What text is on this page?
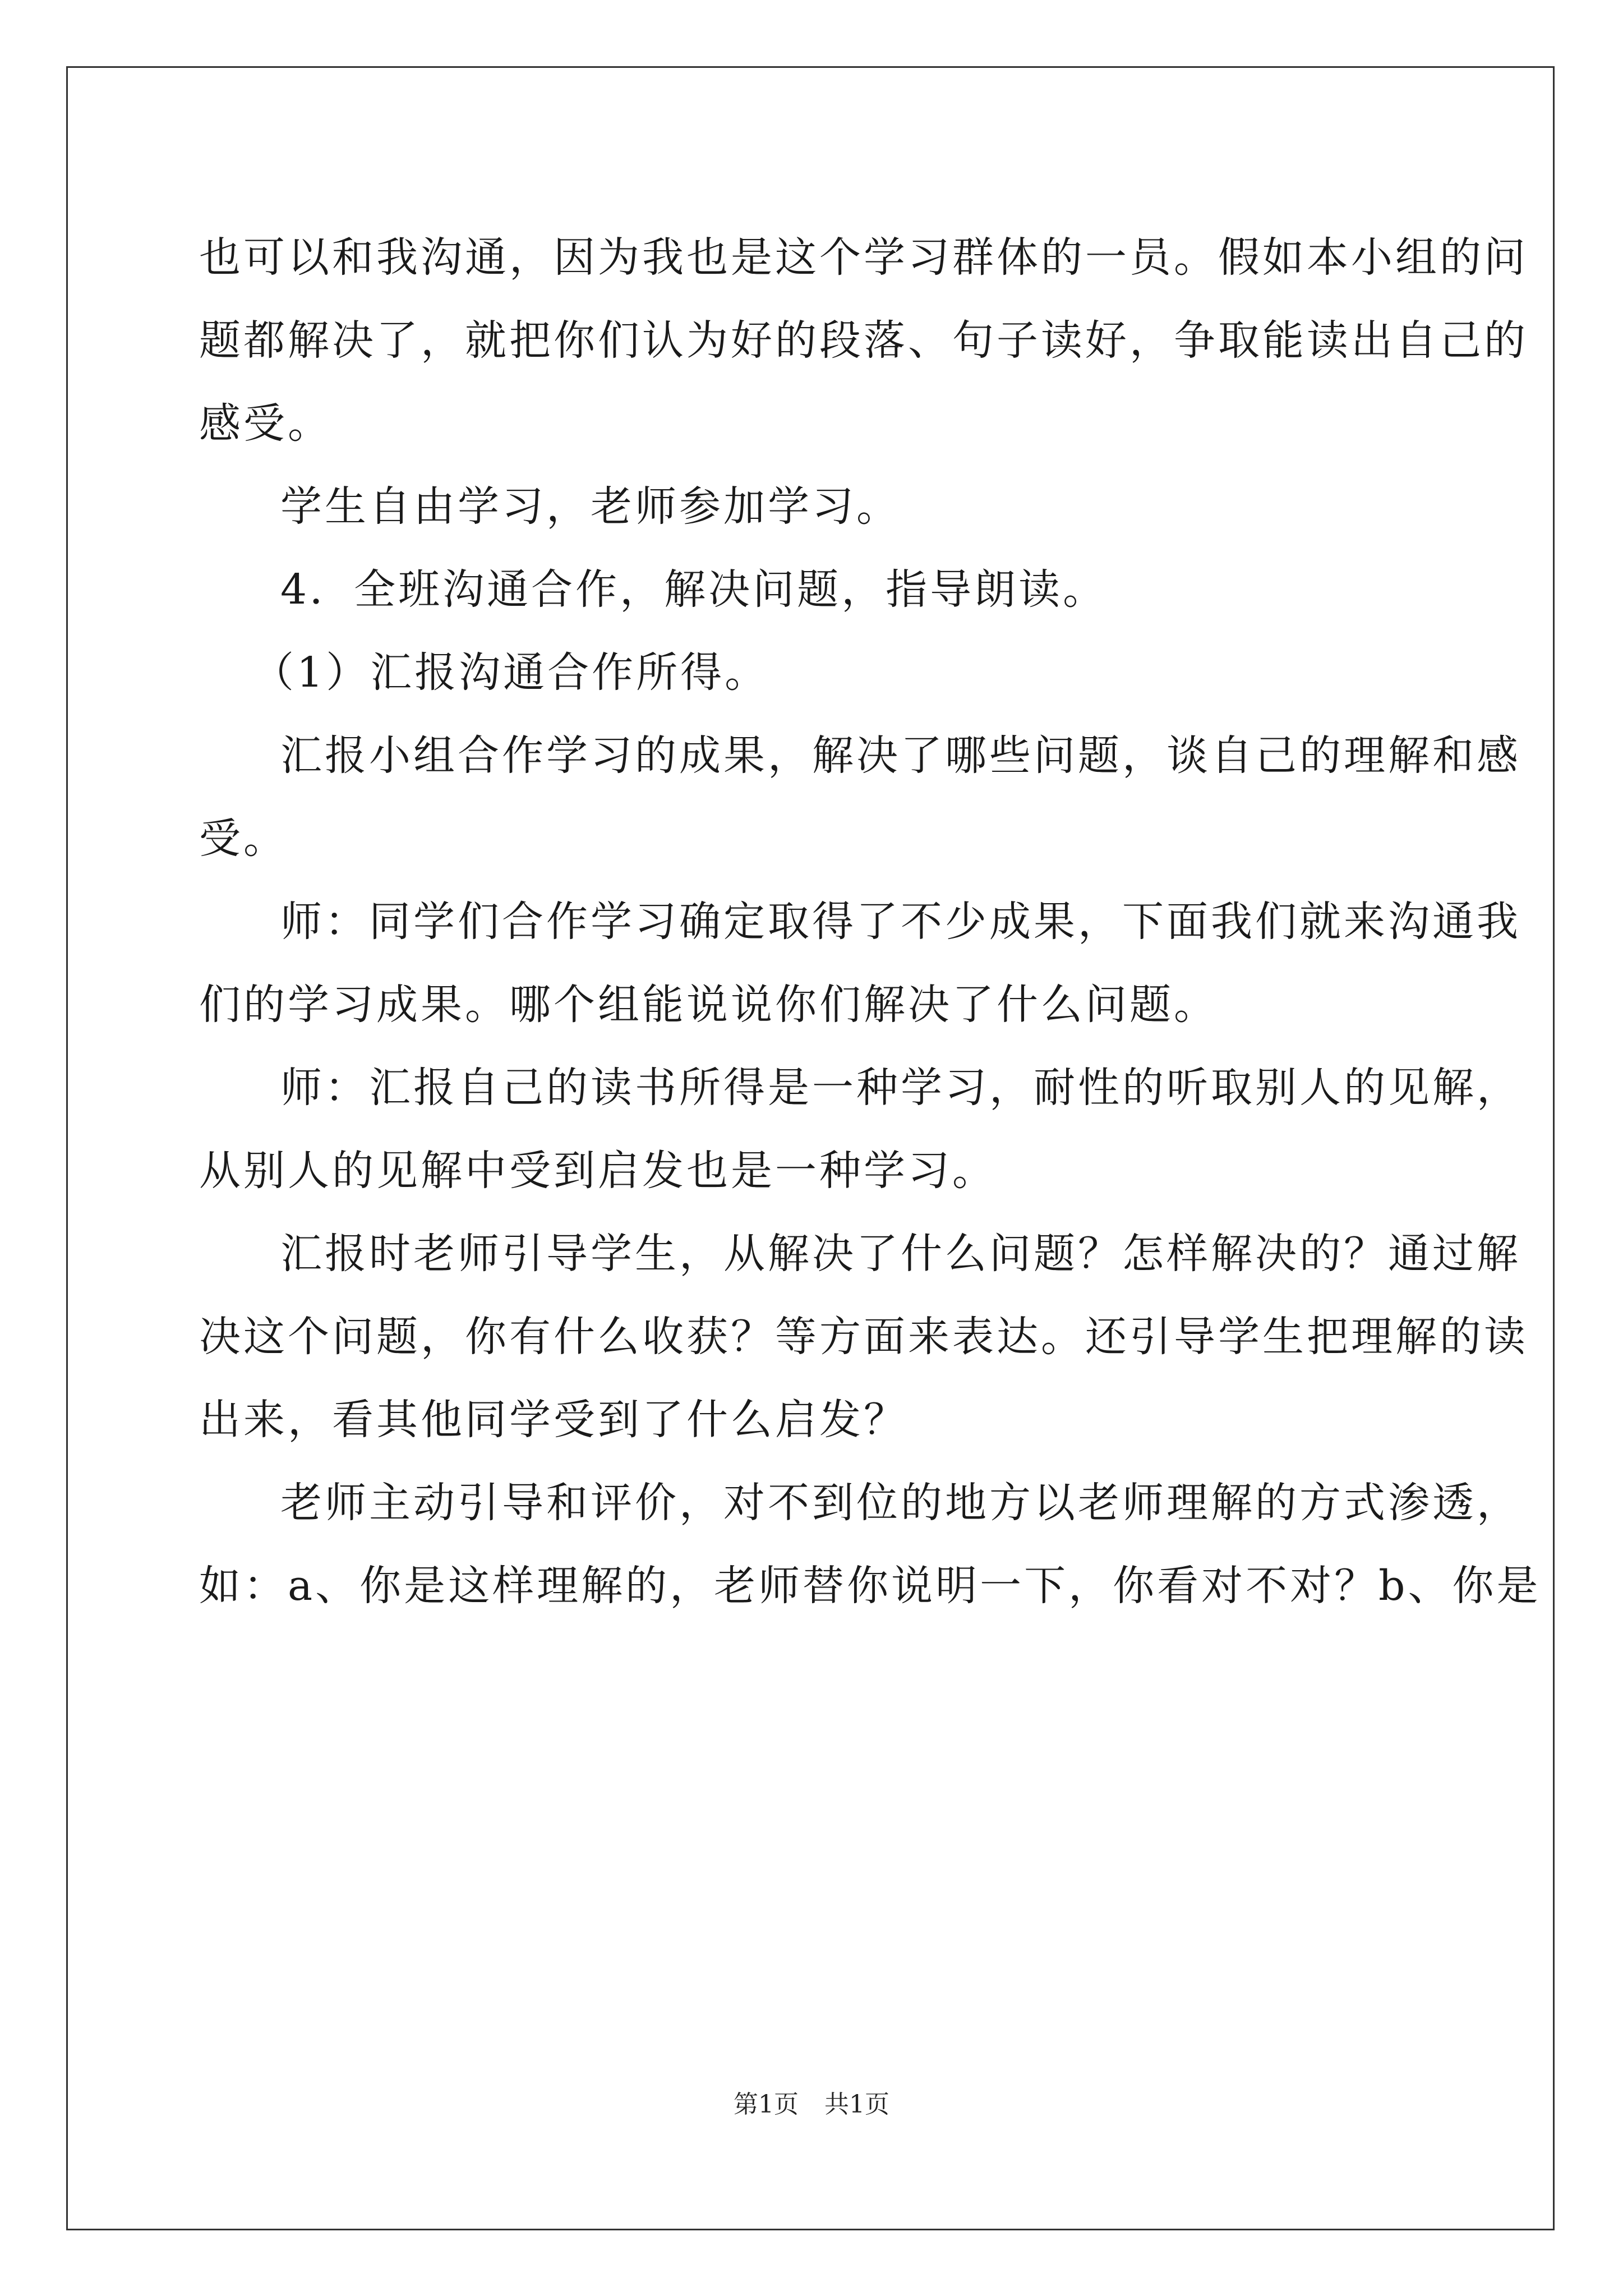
也可以和我沟通，因为我也是这个学习群体的一员。假如本小组的问
题都解决了，就把你们认为好的段落、句子读好，争取能读出自己的
感受。
学生自由学习，老师参加学习。
4．全班沟通合作，解决问题，指导朗读。
（1）汇报沟通合作所得。
汇报小组合作学习的成果，解决了哪些问题，谈自己的理解和感
受。
师：同学们合作学习确定取得了不少成果，下面我们就来沟通我
们的学习成果。哪个组能说说你们解决了什么问题。
师：汇报自己的读书所得是一种学习，耐性的听取别人的见解，
从别人的见解中受到启发也是一种学习。
汇报时老师引导学生，从解决了什么问题？怎样解决的？通过解
决这个问题，你有什么收获？等方面来表达。还引导学生把理解的读
出来，看其他同学受到了什么启发？
老师主动引导和评价，对不到位的地方以老师理解的方式渗透，
如：a、你是这样理解的，老师替你说明一下，你看对不对？b、你是
第1页 共1页
